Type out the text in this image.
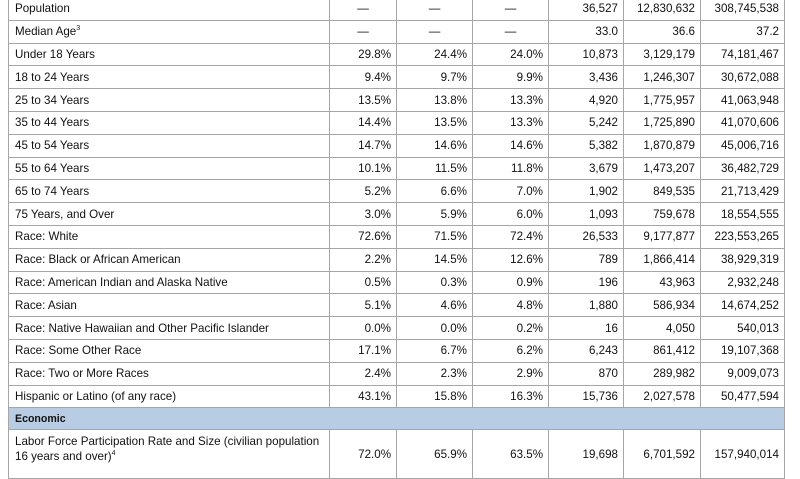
Population	—	—	—	36,527	12,830,632	308,745,538
Median Age$^3$	—	—	—	33.0	36.6	37.2
Under 18 Years	29.8%	24.4%	24.0%	10,873	3,129,179	74,181,467
18 to 24 Years	9.4%	9.7%	9.9%	3,436	1,246,307	30,672,088
25 to 34 Years	13.5%	13.8%	13.3%	4,920	1,775,957	41,063,948
35 to 44 Years	14.4%	13.5%	13.3%	5,242	1,725,890	41,070,606
45 to 54 Years	14.7%	14.6%	14.6%	5,382	1,870,879	45,006,716
55 to 64 Years	10.1%	11.5%	11.8%	3,679	1,473,207	36,482,729
65 to 74 Years	5.2%	6.6%	7.0%	1,902	849,535	21,713,429
75 Years, and Over	3.0%	5.9%	6.0%	1,093	759,678	18,554,555
Race: White	72.6%	71.5%	72.4%	26,533	9,177,877	223,553,265
Race: Black or African American	2.2%	14.5%	12.6%	789	1,866,414	38,929,319
Race: American Indian and Alaska Native	0.5%	0.3%	0.9%	196	43,963	2,932,248
Race: Asian	5.1%	4.6%	4.8%	1,880	586,934	14,674,252
Race: Native Hawaiian and Other Pacific Islander	0.0%	0.0%	0.2%	16	4,050	540,013
Race: Some Other Race	17.1%	6.7%	6.2%	6,243	861,412	19,107,368
Race: Two or More Races	2.4%	2.3%	2.9%	870	289,982	9,009,073
Hispanic or Latino (of any race)	43.1%	15.8%	16.3%	15,736	2,027,578	50,477,594
Economic						
Labor Force Participation Rate and Size (civilian population 16 years and over)$^4$	72.0%	65.9%	63.5%	19,698	6,701,592	157,940,014
